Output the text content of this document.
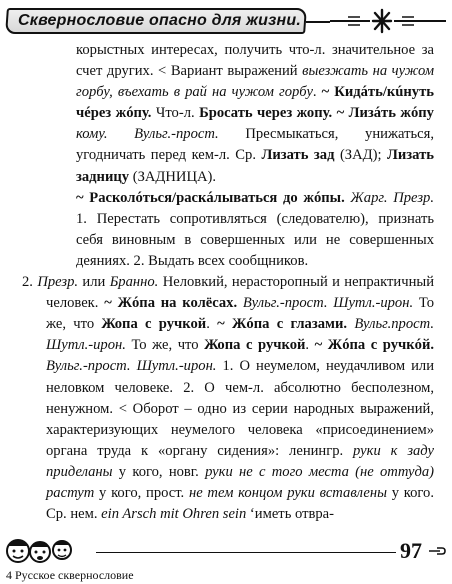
Сквернословие опасно для жизни.

корыстных интересах, получить что-л. значительное за счет других. < Вариант выражений выезжать на чужом горбу, въехать в рай на чужом горбу. ~ Кидáть/кúнуть чéрез жóпу. Что-л. Бросать через жопу. ~ Лизáть жóпу кому. Вульг.-прост. Пресмыкаться, унижаться, угодничать перед кем-л. Ср. Лизать зад (ЗАД); Лизать задницу (ЗАДНИЦА).

~ Расколóться/раскáлываться до жóпы. Жарг. Презр. 1. Перестать сопротивляться (следователю), признать себя виновным в совершенных или не совершенных деяниях. 2. Выдать всех сообщников.

2. Презр. или Бранно. Неловкий, нерасторопный и непрактичный человек. ~ Жóпа на колёсах. Вульг.-прост. Шутл.-ирон. То же, что Жопа с ручкой. ~ Жóпа с глазами. Вульг.прост. Шутл.-ирон. То же, что Жопа с ручкой. ~ Жóпа с ручкóй. Вульг.-прост. Шутл.-ирон. 1. О неумелом, неудачливом или неловком человеке. 2. О чем-л. абсолютно бесполезном, ненужном. < Оборот – одно из серии народных выражений, характеризующих неумелого человека «присоединением» органа труда к «органу сидения»: ленингр. руки к заду приделаны у кого, новг. руки не с того места (не оттуда) растут у кого, прост. не тем концом руки вставлены у кого. Ср. нем. ein Arsch mit Ohren sein ‘иметь отвра-

97
4 Русское сквернословие
